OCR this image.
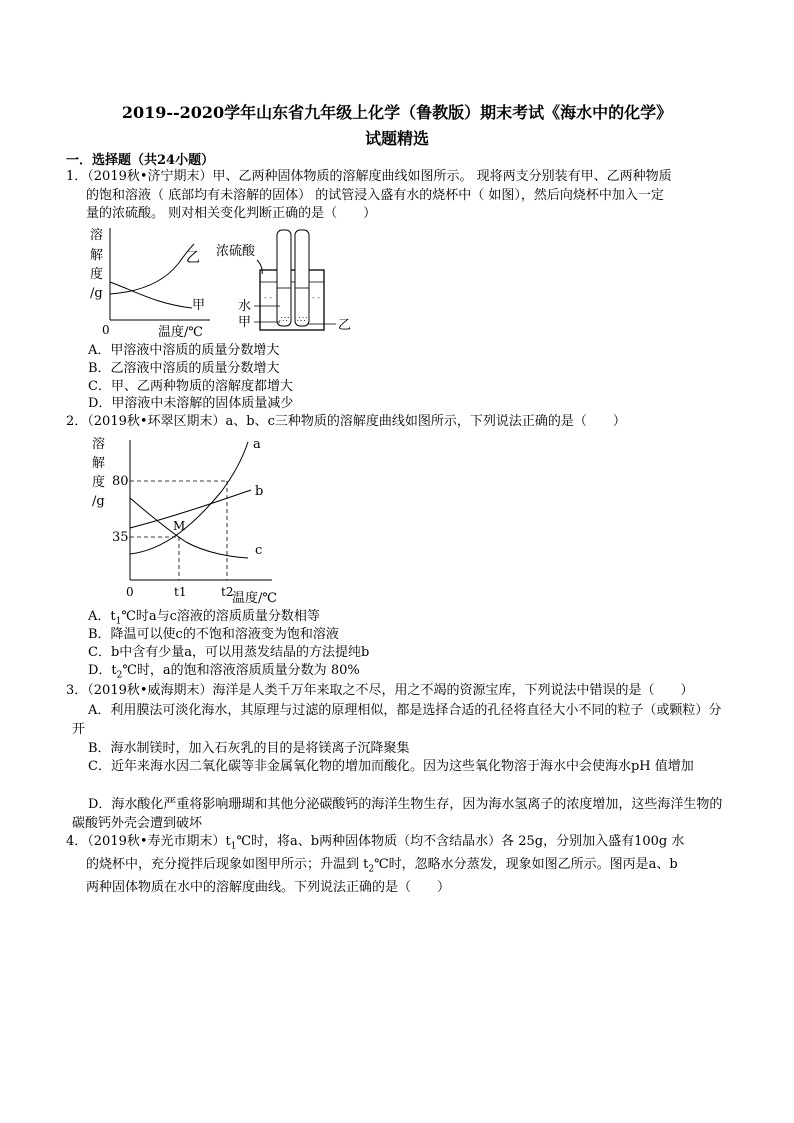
2019--2020学年山东省九年级上化学（鲁教版）期末考试《海水中的化学》
试题精选
一．选择题（共24小题）
1．（2019秋•济宁期末）甲、乙两种固体物质的溶解度曲线如图所示。 现将两支分别装有甲、乙两种物质
的饱和溶液（ 底部均有未溶解的固体） 的试管浸入盛有水的烧杯中（ 如图），然后向烧杯中加入一定
量的浓硫酸。 则对相关变化判断正确的是（　　）
溶
解
度
/g
乙
甲
0	温度/℃
浓硫酸
∴∵ ∴∵
- -	- -
水
甲	乙
A．甲溶液中溶质的质量分数增大
B．乙溶液中溶质的质量分数增大
C．甲、乙两种物质的溶解度都增大
D．甲溶液中未溶解的固体质量减少
2．（2019秋•环翠区期末）a、b、c三种物质的溶解度曲线如图所示，下列说法正确的是（　　）
溶
解
度
/g
a
b
c
M
80
35
0	t1	t2
温度/℃
A．$t_1℃$时a与c溶液的溶质质量分数相等
B．降温可以使c的不饱和溶液变为饱和溶液
C．b中含有少量a，可以用蒸发结晶的方法提纯b
D．$t_2℃$时，a的饱和溶液溶质质量分数为 80%
3．（2019秋•威海期末）海洋是人类千万年来取之不尽，用之不竭的资源宝库，下列说法中错误的是（　　）
A．利用膜法可淡化海水，其原理与过滤的原理相似，都是选择合适的孔径将直径大小不同的粒子（或颗粒）分开
B．海水制镁时，加入石灰乳的目的是将镁离子沉降聚集
C．近年来海水因二氧化碳等非金属氧化物的增加而酸化。因为这些氧化物溶于海水中会使海水pH 值增加
D．海水酸化严重将影响珊瑚和其他分泌碳酸钙的海洋生物生存，因为海水氢离子的浓度增加，这些海洋生物的碳酸钙外壳会遭到破坏
4．（2019秋•寿光市期末）$t_1℃$时，将a、b两种固体物质（均不含结晶水）各 25g，分别加入盛有100g 水
的烧杯中，充分搅拌后现象如图甲所示；升温到 $t_2℃$时，忽略水分蒸发，现象如图乙所示。图丙是a、b
两种固体物质在水中的溶解度曲线。下列说法正确的是（　　）
